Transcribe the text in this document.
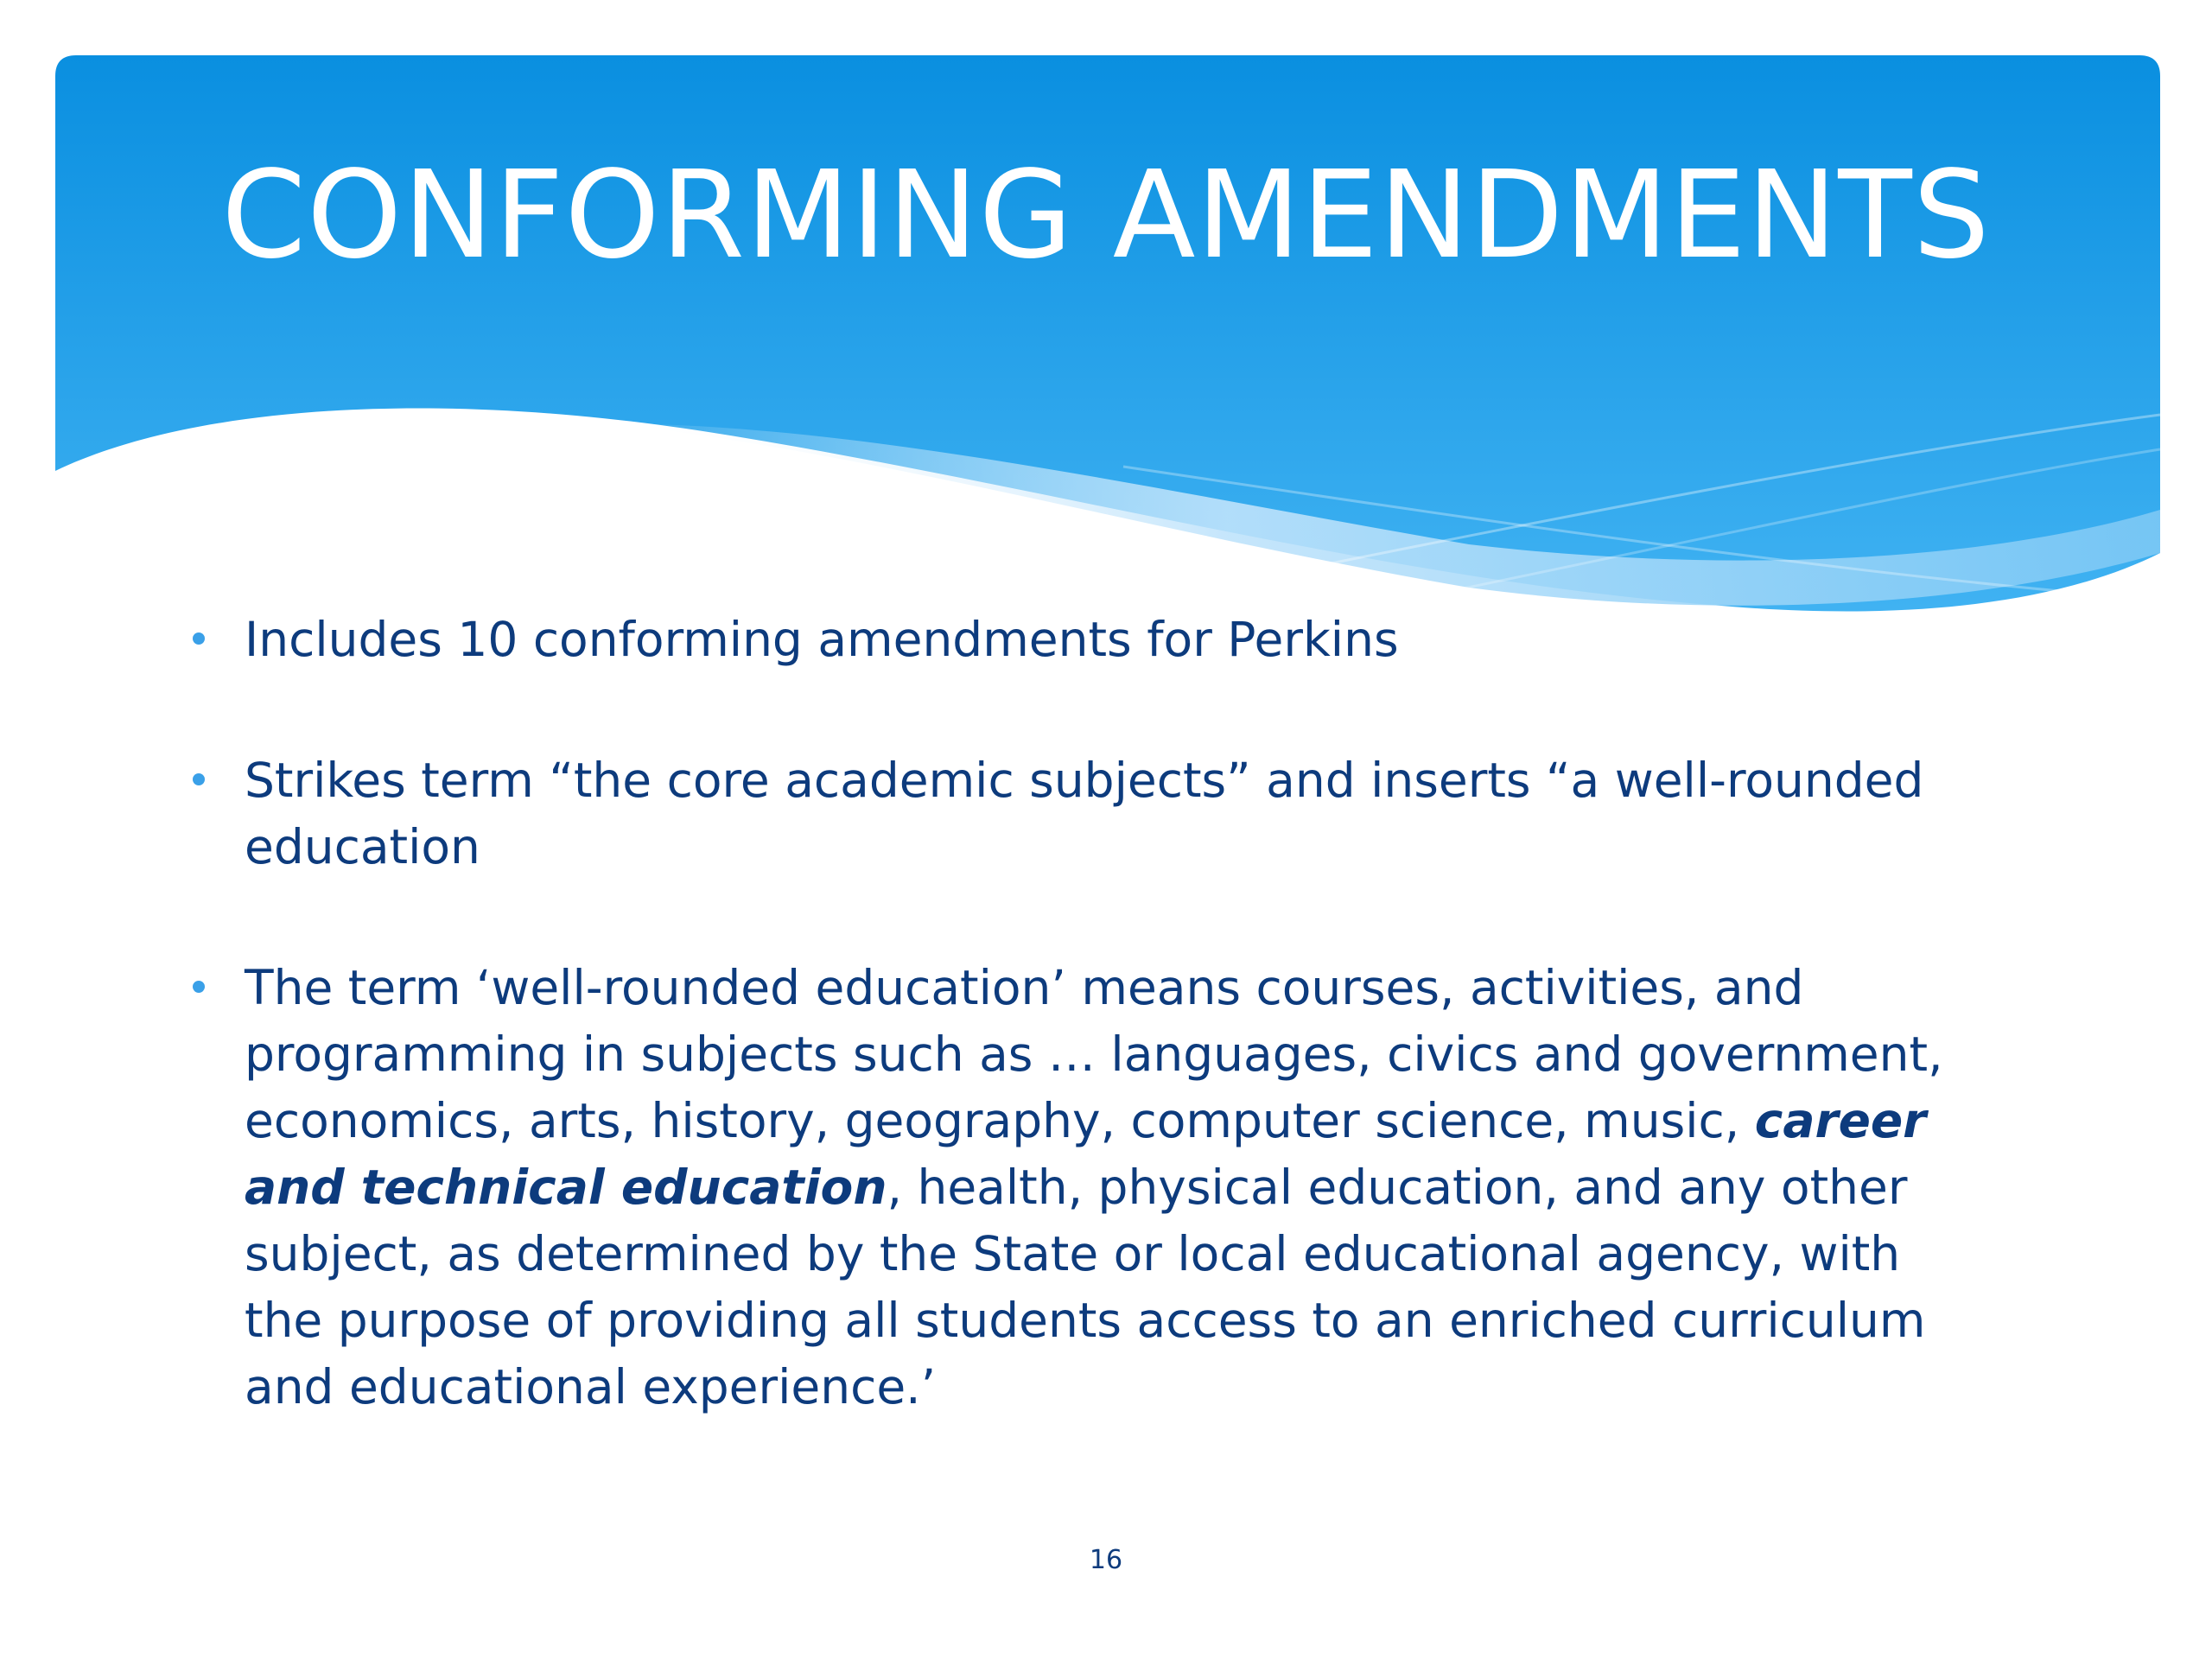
CONFORMING AMENDMENTS
Includes 10 conforming amendments for Perkins
Strikes term “the core academic subjects” and inserts “a well-rounded education
The term ‘well-rounded education’ means courses, activities, and programming in subjects such as … languages, civics and government, economics, arts, history, geography, computer science, music, career and technical education, health, physical education, and any other subject, as determined by the State or local educational agency, with the purpose of providing all students access to an enriched curriculum and educational experience.’
16
